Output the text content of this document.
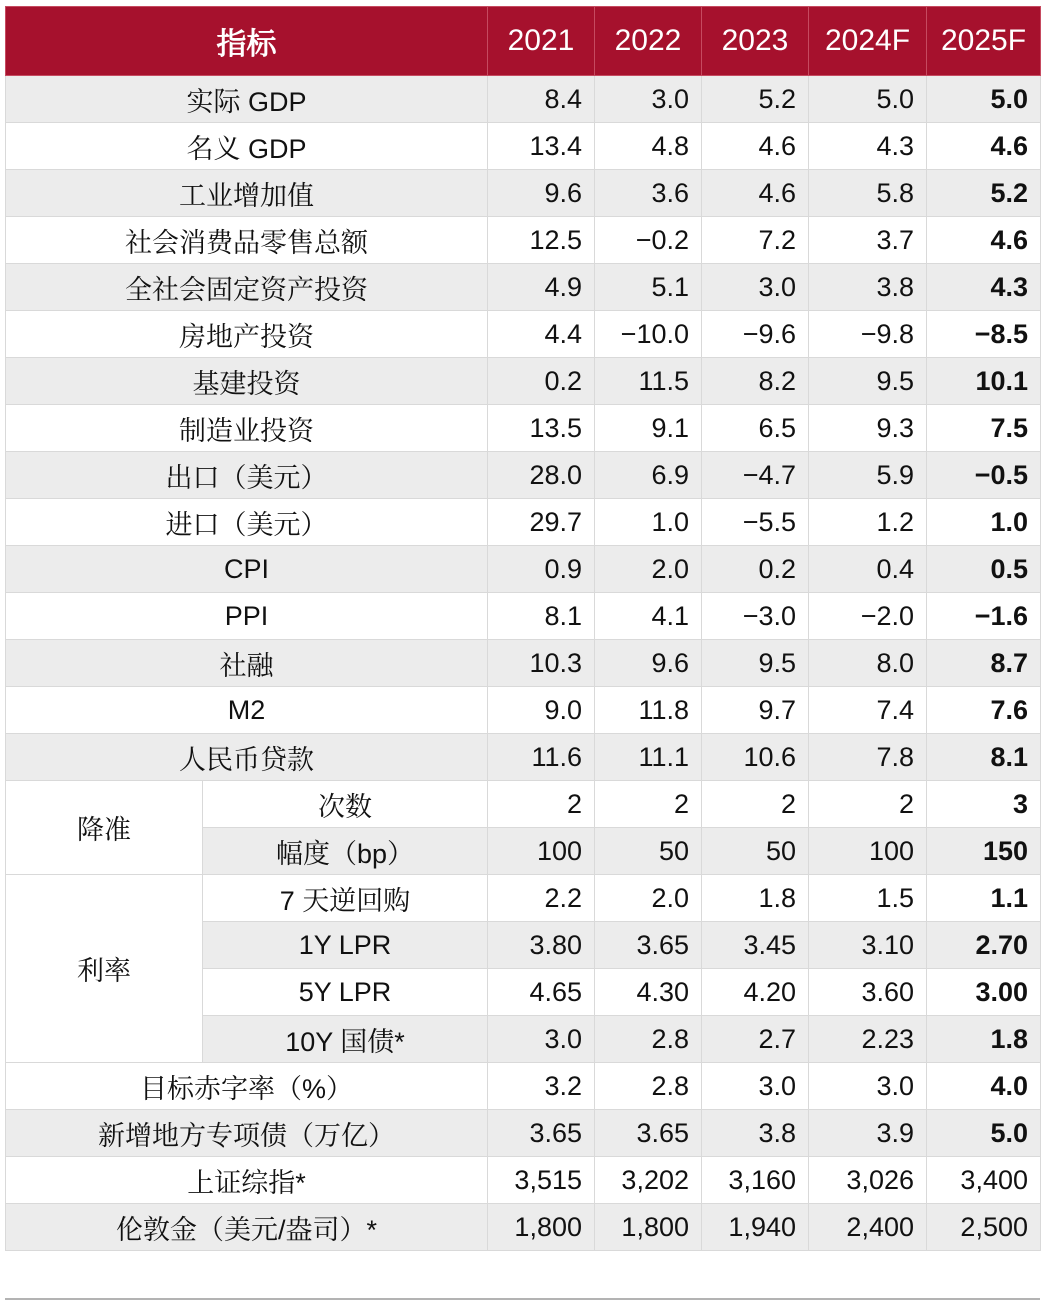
指标		2021	2022	2023	2024F	2025F
实际 GDP		8.4	3.0	5.2	5.0	5.0
名义 GDP		13.4	4.8	4.6	4.3	4.6
工业增加值		9.6	3.6	4.6	5.8	5.2
社会消费品零售总额		12.5	−0.2	7.2	3.7	4.6
全社会固定资产投资		4.9	5.1	3.0	3.8	4.3
房地产投资		4.4	−10.0	−9.6	−9.8	−8.5
基建投资		0.2	11.5	8.2	9.5	10.1
制造业投资		13.5	9.1	6.5	9.3	7.5
出口（美元）		28.0	6.9	−4.7	5.9	−0.5
进口（美元）		29.7	1.0	−5.5	1.2	1.0
CPI		0.9	2.0	0.2	0.4	0.5
PPI		8.1	4.1	−3.0	−2.0	−1.6
社融		10.3	9.6	9.5	8.0	8.7
M2		9.0	11.8	9.7	7.4	7.6
人民币贷款		11.6	11.1	10.6	7.8	8.1
降准	次数	2	2	2	2	3
	幅度（bp）	100	50	50	100	150
利率	7 天逆回购	2.2	2.0	1.8	1.5	1.1
	1Y LPR	3.80	3.65	3.45	3.10	2.70
	5Y LPR	4.65	4.30	4.20	3.60	3.00
	10Y 国债*	3.0	2.8	2.7	2.23	1.8
目标赤字率（%）		3.2	2.8	3.0	3.0	4.0
新增地方专项债（万亿）		3.65	3.65	3.8	3.9	5.0
上证综指*		3,515	3,202	3,160	3,026	3,400
伦敦金（美元/盎司）*		1,800	1,800	1,940	2,400	2,500
